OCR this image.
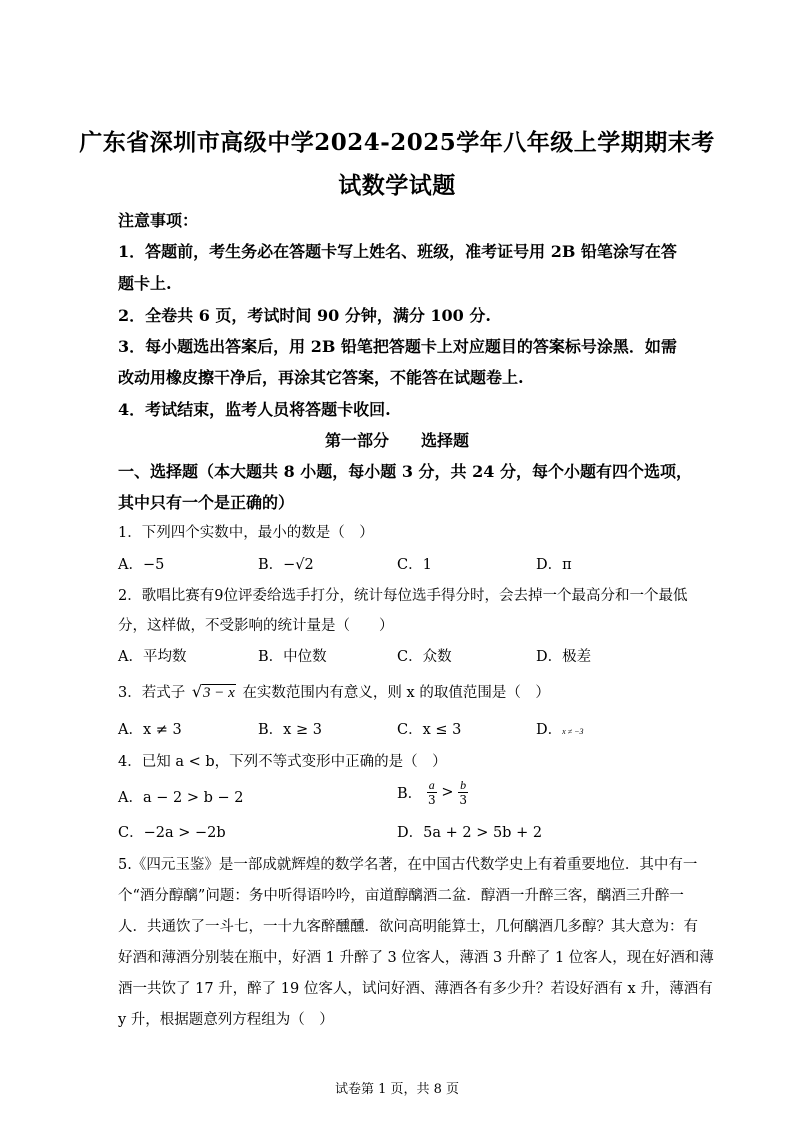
广东省深圳市高级中学2024-2025学年八年级上学期期末考
试数学试题
注意事项：
1．答题前，考生务必在答题卡写上姓名、班级，准考证号用 2B 铅笔涂写在答
题卡上.
2．全卷共 6 页，考试时间 90 分钟，满分 100 分.
3．每小题选出答案后，用 2B 铅笔把答题卡上对应题目的答案标号涂黑．如需
改动用橡皮擦干净后，再涂其它答案，不能答在试题卷上.
4．考试结束，监考人员将答题卡收回.
第一部分　　选择题
一、选择题（本大题共 8 小题，每小题 3 分，共 24 分，每个小题有四个选项，
其中只有一个是正确的）
1．下列四个实数中，最小的数是（　）
A．−5	B．−√2	C．1	D．π
2．歌唱比赛有9位评委给选手打分，统计每位选手得分时，会去掉一个最高分和一个最低
分，这样做，不受影响的统计量是（　　）
A．平均数	B．中位数	C．众数	D．极差
3．若式子 √3 − x 在实数范围内有意义，则 x 的取值范围是（　）
A．x ≠ 3	B．x ≥ 3	C．x ≤ 3	D．x ≠ −3
4．已知 a < b，下列不等式变形中正确的是（　）
A．a − 2 > b − 2	B． $\frac{a}{3} > \frac{b}{3}$
C．−2a > −2b	D．5a + 2 > 5b + 2
5.《四元玉鉴》是一部成就辉煌的数学名著，在中国古代数学史上有着重要地位．其中有一
个“酒分醇醨”问题：务中听得语吟吟，亩道醇醨酒二盆．醇酒一升醉三客，醨酒三升醉一
人．共通饮了一斗七，一十九客醉醺醺．欲问高明能算士，几何醨酒几多醇？其大意为：有
好酒和薄酒分别装在瓶中，好酒 1 升醉了 3 位客人，薄酒 3 升醉了 1 位客人，现在好酒和薄
酒一共饮了 17 升，醉了 19 位客人，试问好酒、薄酒各有多少升？若设好酒有 x 升，薄酒有
y 升，根据题意列方程组为（　）
试卷第 1 页，共 8 页
